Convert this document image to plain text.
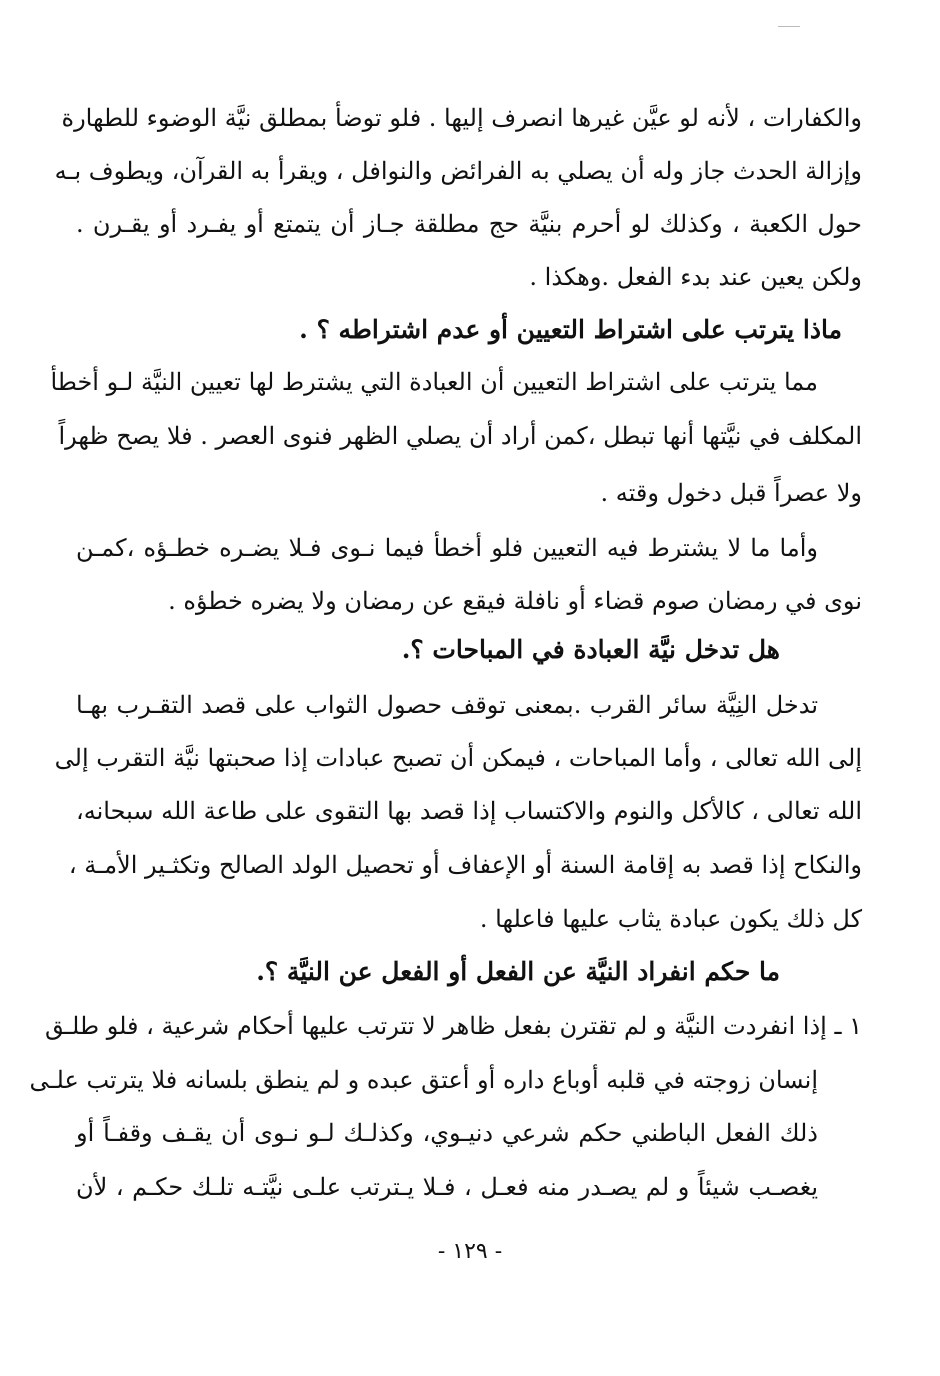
والكفارات ، لأنه لو عيَّن غيرها انصرف إليها . فلو توضأ بمطلق نيَّة الوضوء للطهارة
وإزالة الحدث جاز وله أن يصلي به الفرائض والنوافل ، ويقرأ به القرآن، ويطوف بـه
حول الكعبة ، وكذلك لو أحرم بنيَّة حج مطلقة جـاز أن يتمتع أو يفـرد أو يقـرن .
ولكن يعين عند بدء الفعل .وهكذا .
ماذا يترتب على اشتراط التعيين أو عدم اشتراطه ؟ .
مما يترتب على اشتراط التعيين أن العبادة التي يشترط لها تعيين النيَّة لـو أخطأ
المكلف في نيَّتها أنها تبطل ،كمن أراد أن يصلي الظهر فنوى العصر . فلا يصح ظهراً
ولا عصراً قبل دخول وقته .
وأما ما لا يشترط فيه التعيين فلو أخطأ فيما نـوى فـلا يضـره خطـؤه ،كمـن
نوى في رمضان صوم قضاء أو نافلة فيقع عن رمضان ولا يضره خطؤه .
هل تدخل نيَّة العبادة في المباحات ؟.
تدخل النِيَّة سائر القرب .بمعنى توقف حصول الثواب على قصد التقـرب بهـا
إلى الله تعالى ، وأما المباحات ، فيمكن أن تصبح عبادات إذا صحبتها نيَّة التقرب إلى
الله تعالى ، كالأكل والنوم والاكتساب إذا قصد بها التقوى على طاعة الله سبحانه،
والنكاح إذا قصد به إقامة السنة أو الإعفاف أو تحصيل الولد الصالح وتكثـير الأمـة ،
كل ذلك يكون عبادة يثاب عليها فاعلها .
ما حكم انفراد النيَّة عن الفعل أو الفعل عن النيَّة ؟.
١ ـ إذا انفردت النيَّة و لم تقترن بفعل ظاهر لا تترتب عليها أحكام شرعية ، فلو طلـق
إنسان زوجته في قلبه أوباع داره أو أعتق عبده و لم ينطق بلسانه فلا يترتب علـى
ذلك الفعل الباطني حكم شرعي دنيـوي، وكذلـك لـو نـوى أن يقـف وقفـاً أو
يغصـب شيئاً و لم يصـدر منه فعـل ، فـلا يـترتب علـى نيَّتـه تلـك حكـم ، لأن
- ١٢٩ -
